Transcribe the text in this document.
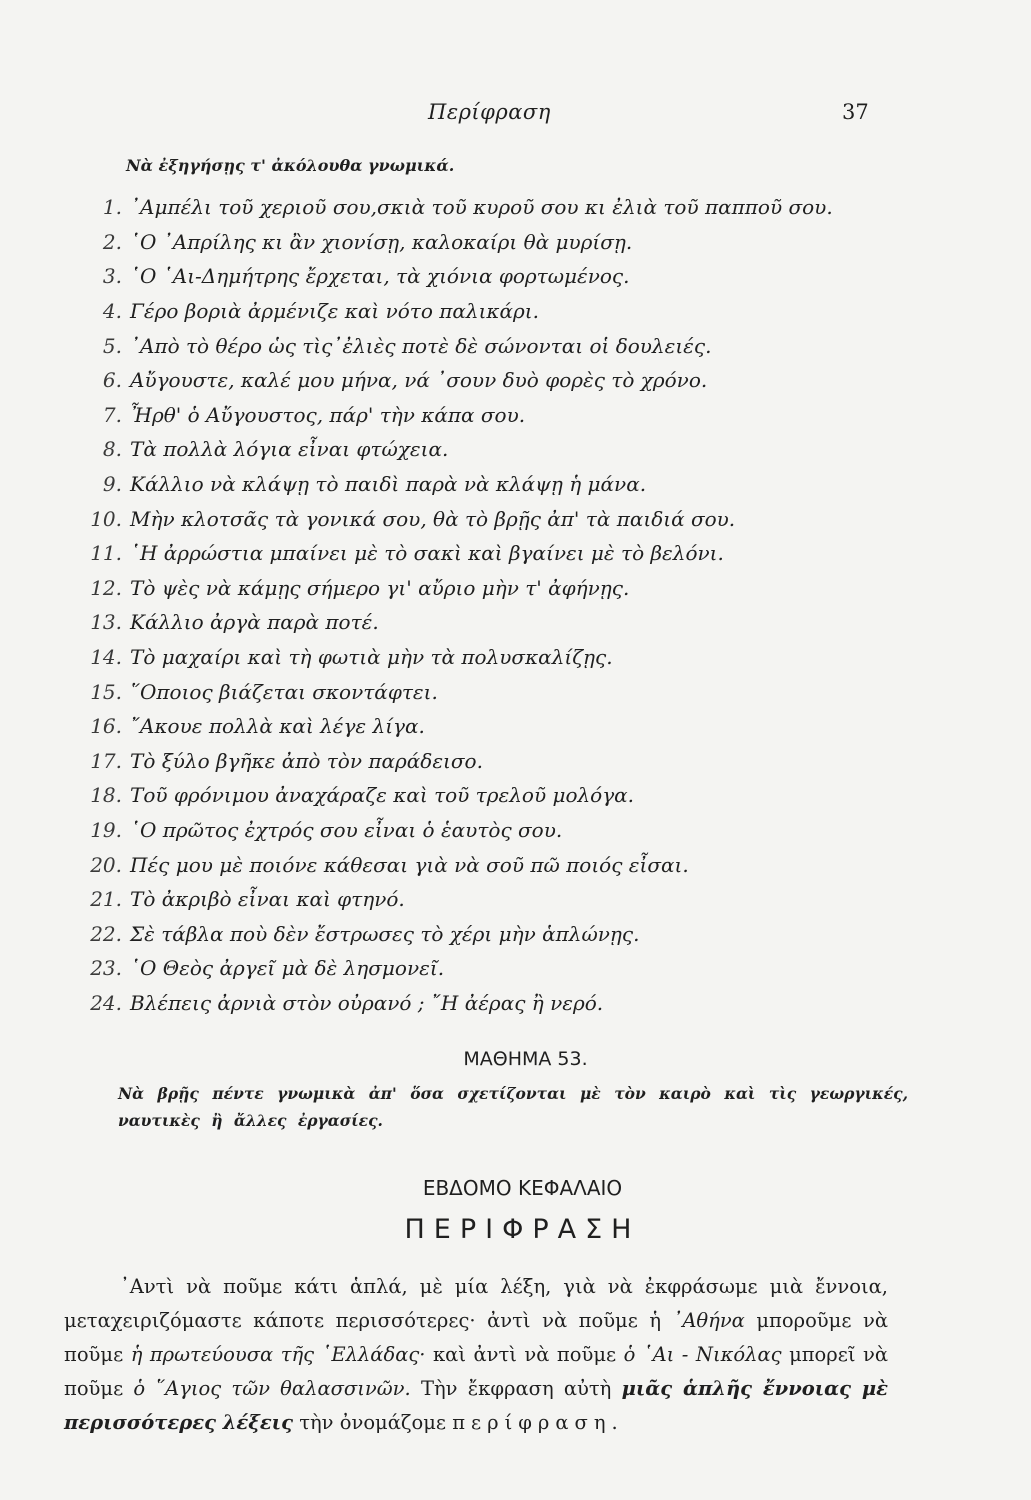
Περίφραση	37
Νὰ ἐξηγήσῃς τ' ἀκόλουθα γνωμικά.
1. ᾿Αμπέλι τοῦ χεριοῦ σου,σκιὰ τοῦ κυροῦ σου κι ἐλιὰ τοῦ παπποῦ σου.
2. ῾Ο ᾿Απρίλης κι ἂν χιονίσῃ, καλοκαίρι θὰ μυρίσῃ.
3. ῾Ο ῾Αι-Δημήτρης ἔρχεται, τὰ χιόνια φορτωμένος.
4. Γέρο βοριὰ ἀρμένιζε καὶ νότο παλικάρι.
5. ᾿Απὸ τὸ θέρο ὡς τὶς᾿ἐλιὲς ποτὲ δὲ σώνονται οἱ δουλειές.
6. Αὔγουστε, καλέ μου μήνα, νά ᾿σουν δυὸ φορὲς τὸ χρόνο.
7. Ἦρθ' ὁ Αὔγουστος, πάρ' τὴν κάπα σου.
8. Τὰ πολλὰ λόγια εἶναι φτώχεια.
9. Κάλλιο νὰ κλάψῃ τὸ παιδὶ παρὰ νὰ κλάψῃ ἡ μάνα.
10. Μὴν κλοτσᾶς τὰ γονικά σου, θὰ τὸ βρῇς ἀπ' τὰ παιδιά σου.
11. ῾Η ἀρρώστια μπαίνει μὲ τὸ σακὶ καὶ βγαίνει μὲ τὸ βελόνι.
12. Τὸ ψὲς νὰ κάμῃς σήμερο γι' αὔριο μὴν τ' ἀφήνῃς.
13. Κάλλιο ἀργὰ παρὰ ποτέ.
14. Τὸ μαχαίρι καὶ τὴ φωτιὰ μὴν τὰ πολυσκαλίζῃς.
15. ῞Οποιος βιάζεται σκοντάφτει.
16. ῎Ακουε πολλὰ καὶ λέγε λίγα.
17. Τὸ ξύλο βγῆκε ἀπὸ τὸν παράδεισο.
18. Τοῦ φρόνιμου ἀναχάραζε καὶ τοῦ τρελοῦ μολόγα.
19. ῾Ο πρῶτος ἐχτρός σου εἶναι ὁ ἑαυτὸς σου.
20. Πές μου μὲ ποιόνε κάθεσαι γιὰ νὰ σοῦ πῶ ποιός εἶσαι.
21. Τὸ ἀκριβὸ εἶναι καὶ φτηνό.
22. Σὲ τάβλα ποὺ δὲν ἔστρωσες τὸ χέρι μὴν ἁπλώνῃς.
23. ῾Ο Θεὸς ἀργεῖ μὰ δὲ λησμονεῖ.
24. Βλέπεις ἀρνιὰ στὸν οὐρανό ; ῎Η ἀέρας ἢ νερό.
ΜΑΘΗΜΑ 53.
Νὰ βρῇς πέντε γνωμικὰ ἀπ' ὅσα σχετίζονται μὲ τὸν καιρὸ καὶ τὶς γεωργικές, ναυτικὲς ἢ ἄλλες ἐργασίες.
ΕΒΔΟΜΟ ΚΕΦΑΛΑΙΟ
ΠΕΡΙΦΡΑΣΗ

᾿Αντὶ νὰ ποῦμε κάτι ἁπλά, μὲ μία λέξη, γιὰ νὰ ἐκφράσωμε μιὰ ἔννοια, μεταχειριζόμαστε κάποτε περισσότερες· ἀντὶ νὰ ποῦμε ἡ ᾿Αθήνα μποροῦμε νὰ ποῦμε ἡ πρωτεύουσα τῆς ῾Ελλάδας· καὶ ἀντὶ νὰ ποῦμε ὁ ῾Αι - Νικόλας μπορεῖ νὰ ποῦμε ὁ ῞Αγιος τῶν θαλασσινῶν. Τὴν ἔκφραση αὐτὴ μιᾶς ἁπλῆς ἔννοιας μὲ περισσότερες λέξεις τὴν ὀνομάζομε περίφραση.
